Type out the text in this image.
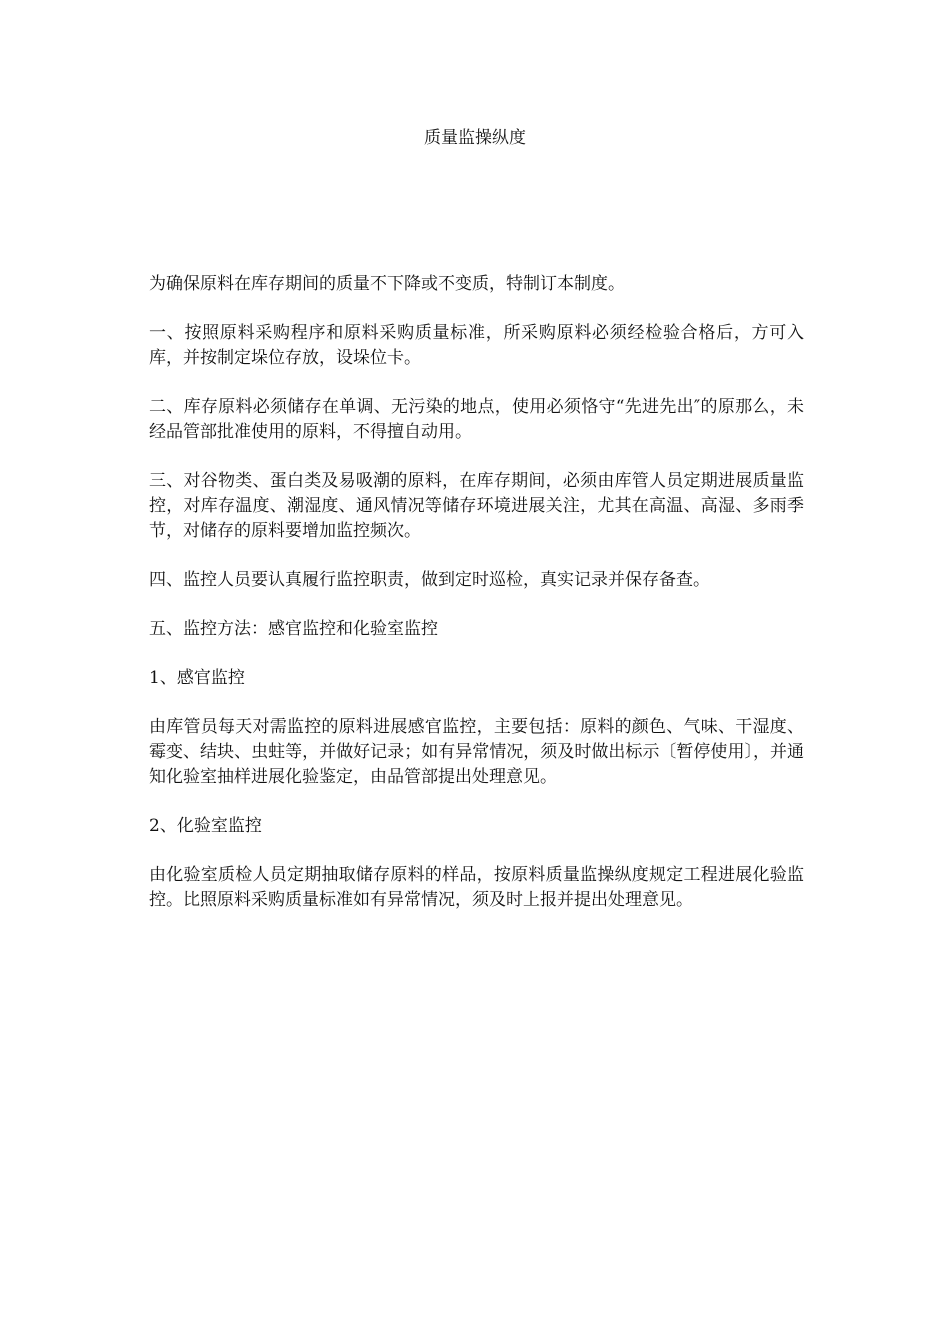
质量监操纵度

为确保原料在库存期间的质量不下降或不变质，特制订本制度。

一、按照原料采购程序和原料采购质量标准，所采购原料必须经检验合格后，方可入库，并按制定垛位存放，设垛位卡。

二、库存原料必须储存在单调、无污染的地点，使用必须恪守“先进先出″的原那么，未经品管部批准使用的原料，不得擅自动用。

三、对谷物类、蛋白类及易吸潮的原料，在库存期间，必须由库管人员定期进展质量监控，对库存温度、潮湿度、通风情况等储存环境进展关注，尤其在高温、高湿、多雨季节，对储存的原料要增加监控频次。

四、监控人员要认真履行监控职责，做到定时巡检，真实记录并保存备查。

五、监控方法：感官监控和化验室监控

1、感官监控

由库管员每天对需监控的原料进展感官监控，主要包括：原料的颜色、气味、干湿度、霉变、结块、虫蛀等，并做好记录；如有异常情况，须及时做出标示〔暂停使用〕，并通知化验室抽样进展化验鉴定，由品管部提出处理意见。

2、化验室监控

由化验室质检人员定期抽取储存原料的样品，按原料质量监操纵度规定工程进展化验监控。比照原料采购质量标准如有异常情况，须及时上报并提出处理意见。
